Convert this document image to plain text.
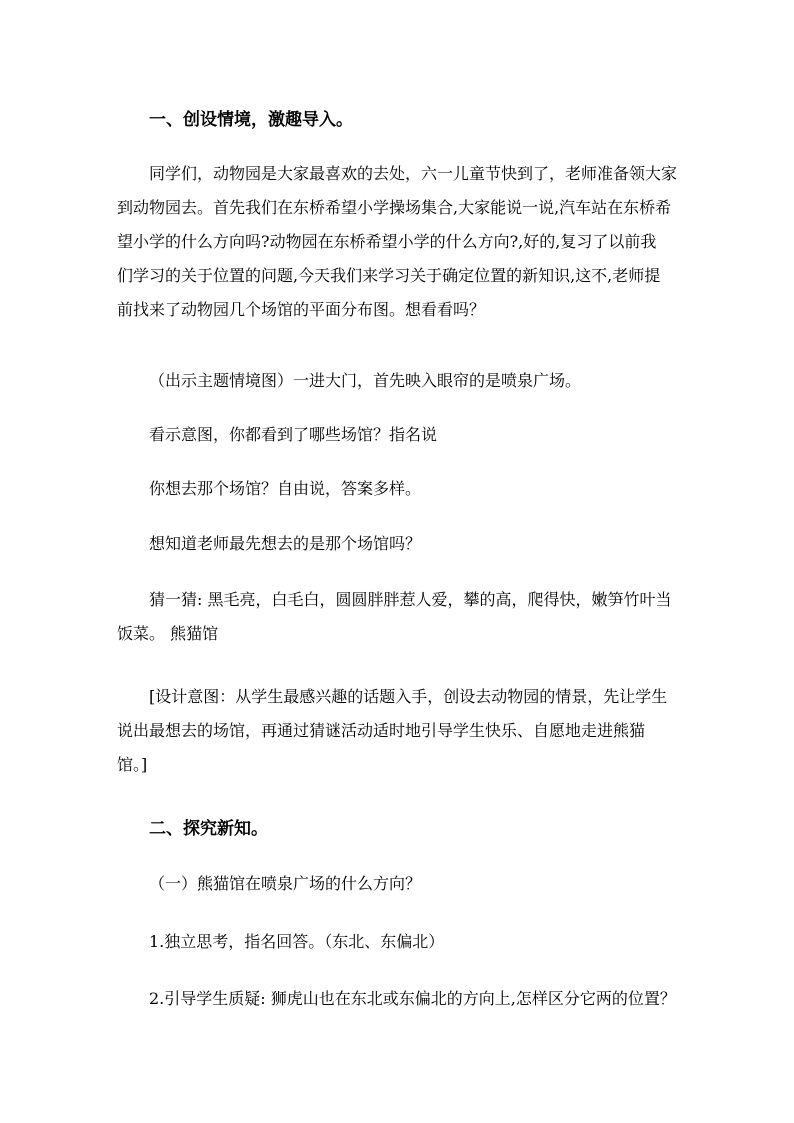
一、创设情境，激趣导入。
同学们，动物园是大家最喜欢的去处，六一儿童节快到了，老师准备领大家
到动物园去。首先我们在东桥希望小学操场集合,大家能说一说,汽车站在东桥希
望小学的什么方向吗?动物园在东桥希望小学的什么方向?,好的,复习了以前我
们学习的关于位置的问题,今天我们来学习关于确定位置的新知识,这不,老师提
前找来了动物园几个场馆的平面分布图。想看看吗？
（出示主题情境图）一进大门，首先映入眼帘的是喷泉广场。
看示意图，你都看到了哪些场馆？指名说
你想去那个场馆？自由说，答案多样。
想知道老师最先想去的是那个场馆吗？
猜一猜: 黑毛亮，白毛白，圆圆胖胖惹人爱，攀的高，爬得快，嫩笋竹叶当
饭菜。 熊猫馆
[设计意图：从学生最感兴趣的话题入手，创设去动物园的情景，先让学生
说出最想去的场馆，再通过猜谜活动适时地引导学生快乐、自愿地走进熊猫
馆。]
二、探究新知。
（一）熊猫馆在喷泉广场的什么方向？
1.独立思考，指名回答。（东北、东偏北）
2.引导学生质疑: 狮虎山也在东北或东偏北的方向上,怎样区分它两的位置？
